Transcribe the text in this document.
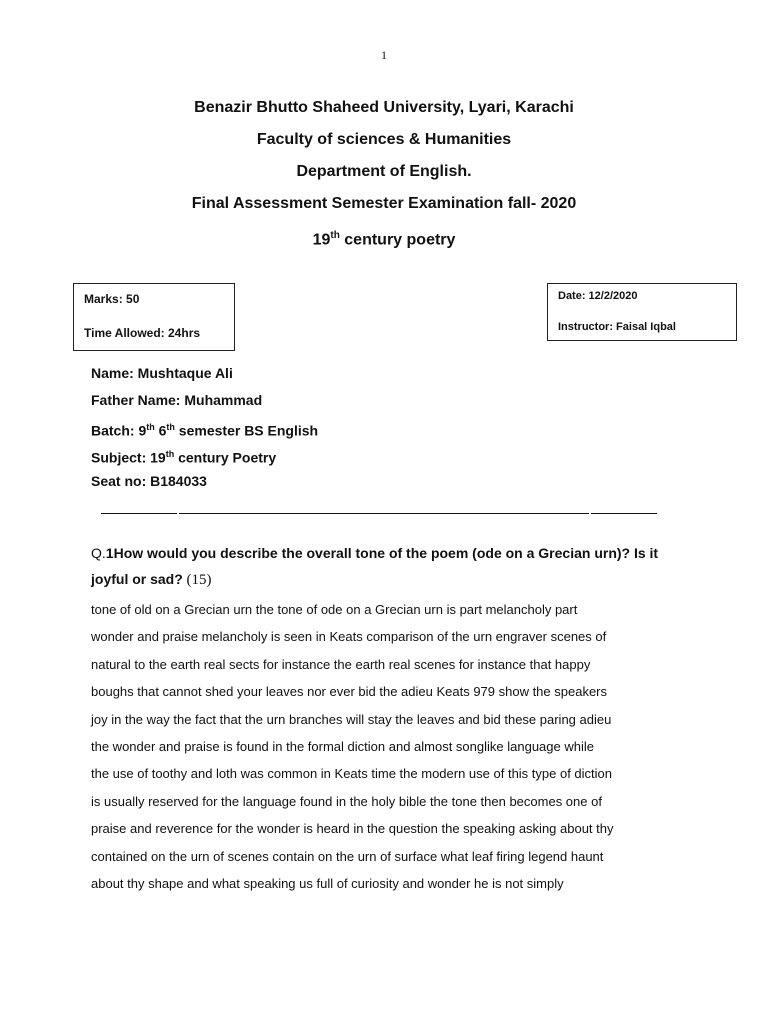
1

Benazir Bhutto Shaheed University, Lyari, Karachi

Faculty of sciences & Humanities

Department of English.

Final Assessment Semester Examination fall- 2020

19th century poetry

Marks: 50
Time Allowed: 24hrs
Date: 12/2/2020
Instructor: Faisal Iqbal
Name: Mushtaque Ali
Father Name: Muhammad
Batch: 9th 6th semester BS English
Subject: 19th century Poetry
Seat no: B184033
Q.1How would you describe the overall tone of the poem (ode on a Grecian urn)? Is it
joyful or sad? (15)
tone of old on a Grecian urn the tone of ode on a Grecian urn is part melancholy part
wonder and praise melancholy is seen in Keats comparison of the urn engraver scenes of
natural to the earth real sects for instance the earth real scenes for instance that happy
boughs that cannot shed your leaves nor ever bid the adieu Keats 979 show the speakers
joy in the way the fact that the urn branches will stay the leaves and bid these paring adieu
the wonder and praise is found in the formal diction and almost songlike language while
the use of toothy and loth was common in Keats time the modern use of this type of diction
is usually reserved for the language found in the holy bible the tone then becomes one of
praise and reverence for the wonder is heard in the question the speaking asking about thy
contained on the urn of scenes contain on the urn of surface what leaf firing legend haunt
about thy shape and what speaking us full of curiosity and wonder he is not simply
